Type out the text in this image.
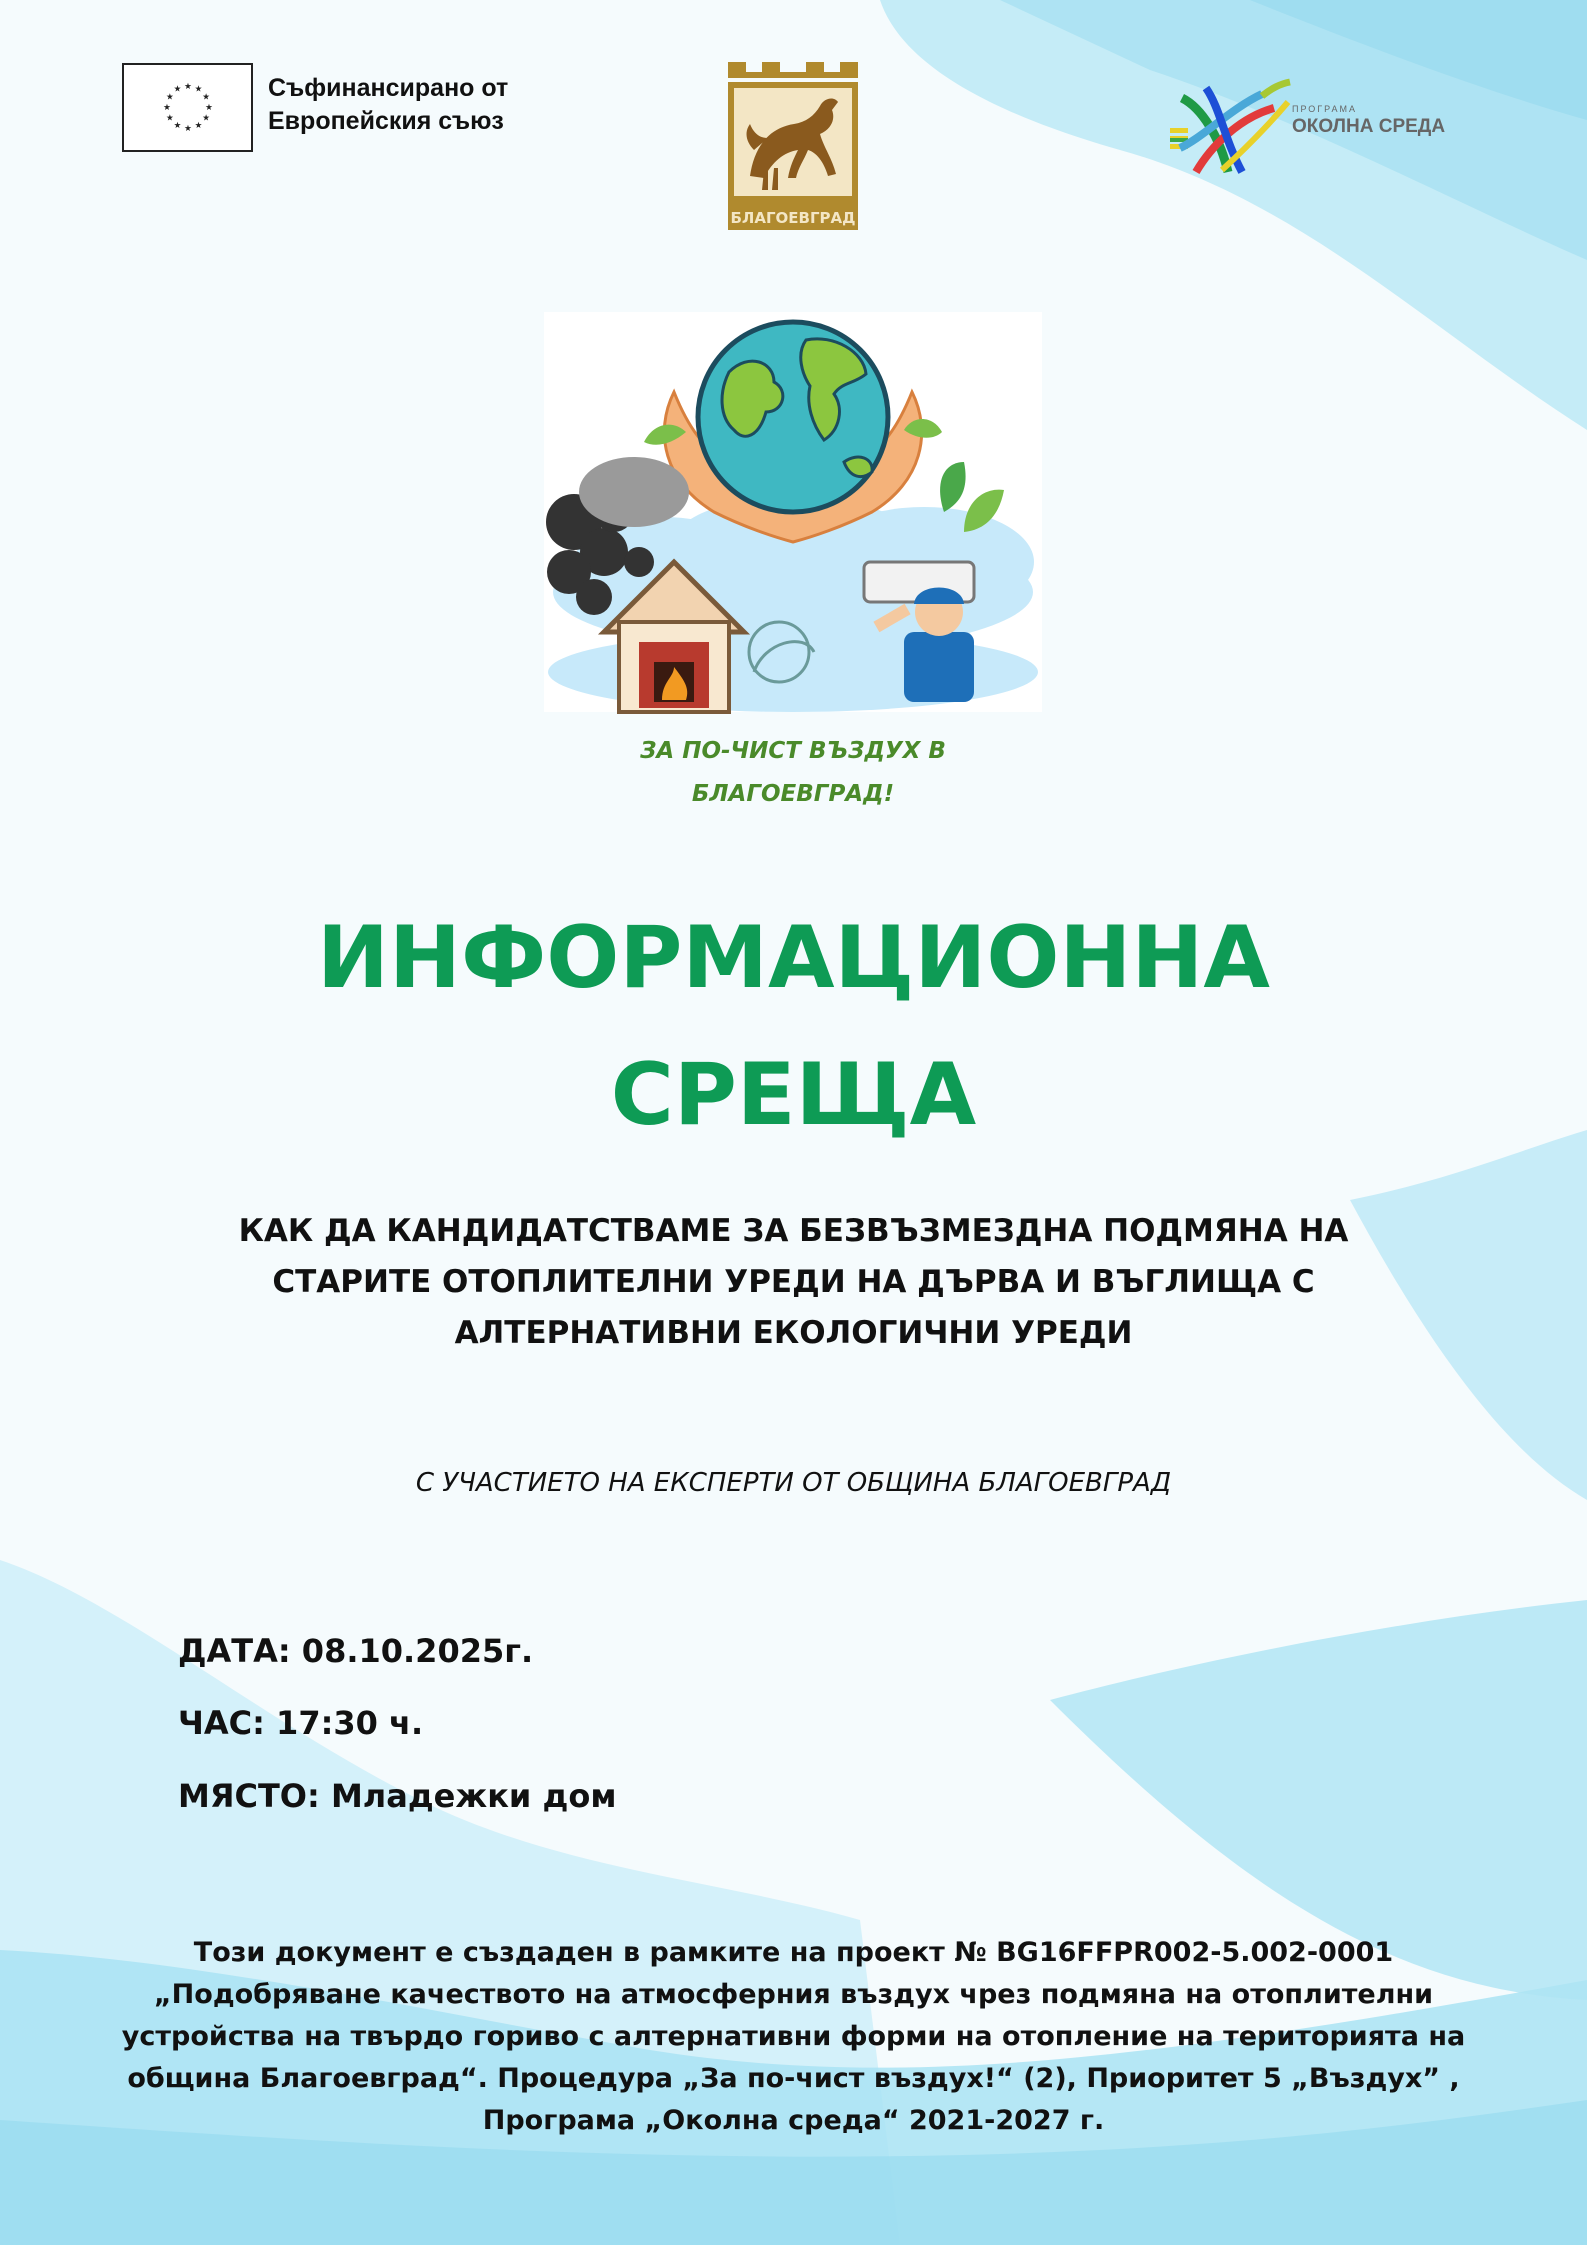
★ ★
★
★
★
★
★
★
★
★
★
★	Съфинансирано от
Европейския съюз
БЛАГОЕВГРАД
ПРОГРАМА
ОКОЛНА СРЕДА
ЗА ПО-ЧИСТ ВЪЗДУХ В
БЛАГОЕВГРАД!
ИНФОРМАЦИОННА
СРЕЩА
КАК ДА КАНДИДАТСТВАМЕ ЗА БЕЗВЪЗМЕЗДНА ПОДМЯНА НА
СТАРИТЕ ОТОПЛИТЕЛНИ УРЕДИ НА ДЪРВА И ВЪГЛИЩА С
АЛТЕРНАТИВНИ ЕКОЛОГИЧНИ УРЕДИ
С УЧАСТИЕТО НА ЕКСПЕРТИ ОТ ОБЩИНА БЛАГОЕВГРАД
ДАТА: 08.10.2025г.
ЧАС: 17:30 ч.
МЯСТО: Младежки дом
Този документ е създаден в рамките на проект № BG16FFPR002-5.002-0001
„Подобряване качеството на атмосферния въздух чрез подмяна на отоплителни
устройства на твърдо гориво с алтернативни форми на отопление на територията на
община Благоевград“. Процедура „За по-чист въздух!“ (2), Приоритет 5 „Въздух” ,
Програма „Околна среда“ 2021-2027 г.
